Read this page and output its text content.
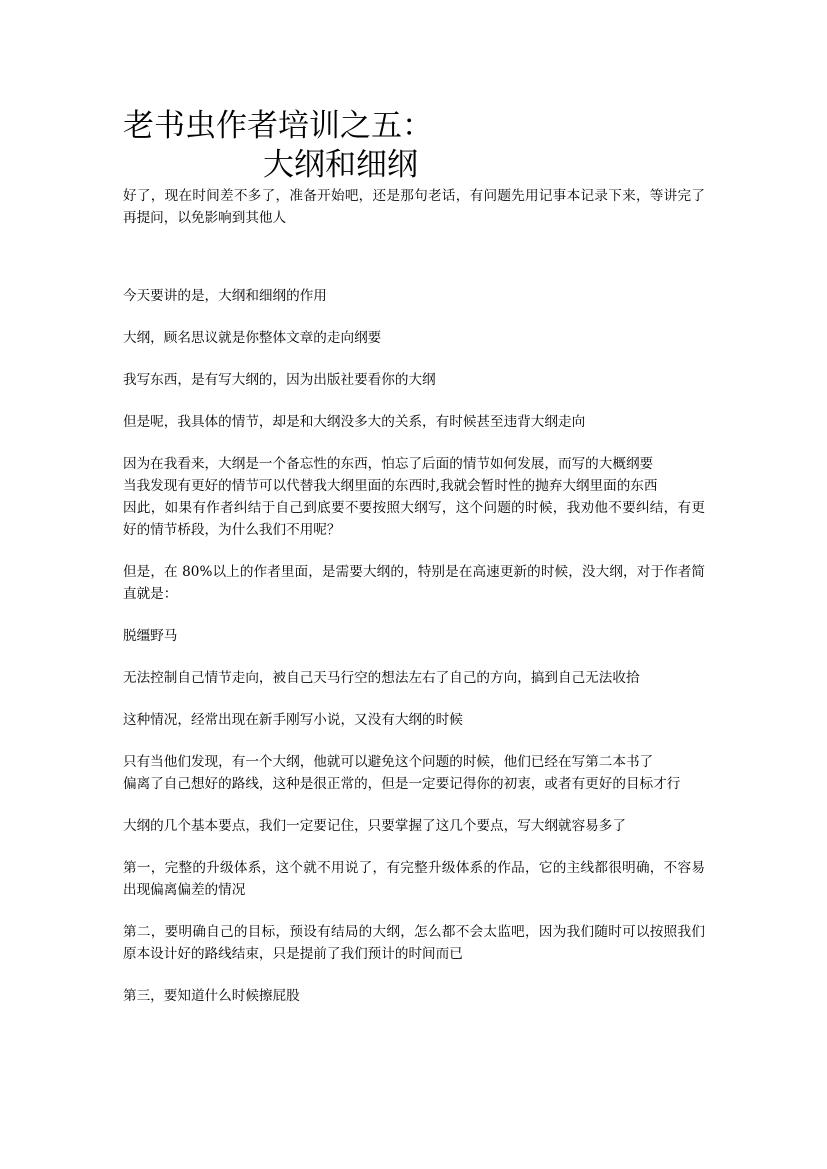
老书虫作者培训之五：
大纲和细纲

好了，现在时间差不多了，准备开始吧，还是那句老话，有问题先用记事本记录下来，等讲完了再提问，以免影响到其他人

今天要讲的是，大纲和细纲的作用

大纲，顾名思议就是你整体文章的走向纲要

我写东西，是有写大纲的，因为出版社要看你的大纲

但是呢，我具体的情节，却是和大纲没多大的关系，有时候甚至违背大纲走向

因为在我看来，大纲是一个备忘性的东西，怕忘了后面的情节如何发展，而写的大概纲要

当我发现有更好的情节可以代替我大纲里面的东西时,我就会暂时性的抛弃大纲里面的东西

因此，如果有作者纠结于自己到底要不要按照大纲写，这个问题的时候，我劝他不要纠结，有更好的情节桥段，为什么我们不用呢？

但是，在 80%以上的作者里面，是需要大纲的，特别是在高速更新的时候，没大纲，对于作者简直就是：

脱缰野马

无法控制自己情节走向，被自己天马行空的想法左右了自己的方向，搞到自己无法收拾

这种情况，经常出现在新手刚写小说，又没有大纲的时候

只有当他们发现，有一个大纲，他就可以避免这个问题的时候，他们已经在写第二本书了

偏离了自己想好的路线，这种是很正常的，但是一定要记得你的初衷，或者有更好的目标才行

大纲的几个基本要点，我们一定要记住，只要掌握了这几个要点，写大纲就容易多了

第一，完整的升级体系，这个就不用说了，有完整升级体系的作品，它的主线都很明确，不容易出现偏离偏差的情况

第二，要明确自己的目标，预设有结局的大纲，怎么都不会太监吧，因为我们随时可以按照我们原本设计好的路线结束，只是提前了我们预计的时间而已

第三，要知道什么时候擦屁股
